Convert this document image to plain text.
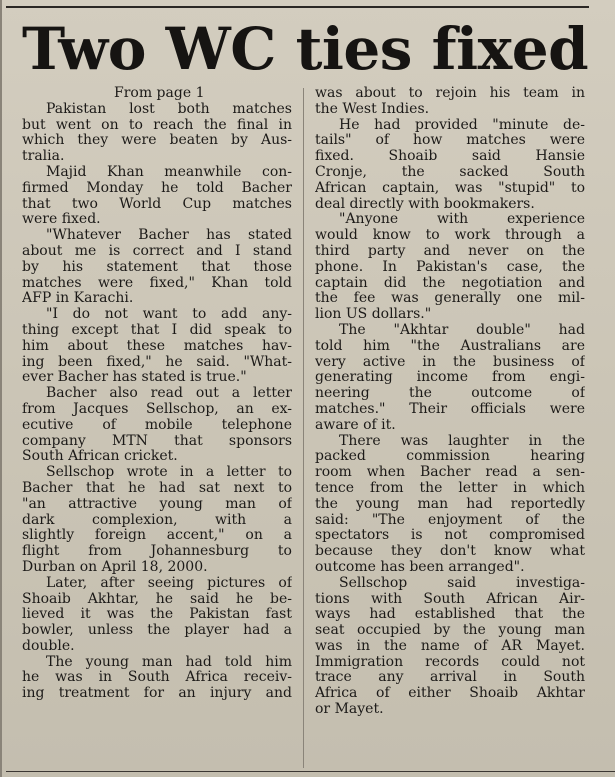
Two WC ties fixed
From page 1
Pakistan lost both matches
but went on to reach the final in
which they were beaten by Aus-
tralia.
Majid Khan meanwhile con-
firmed Monday he told Bacher
that two World Cup matches
were fixed.
"Whatever Bacher has stated
about me is correct and I stand
by his statement that those
matches were fixed," Khan told
AFP in Karachi.
"I do not want to add any-
thing except that I did speak to
him about these matches hav-
ing been fixed," he said. "What-
ever Bacher has stated is true."
Bacher also read out a letter
from Jacques Sellschop, an ex-
ecutive of mobile telephone
company MTN that sponsors
South African cricket.
Sellschop wrote in a letter to
Bacher that he had sat next to
"an attractive young man of
dark complexion, with a
slightly foreign accent," on a
flight from Johannesburg to
Durban on April 18, 2000.
Later, after seeing pictures of
Shoaib Akhtar, he said he be-
lieved it was the Pakistan fast
bowler, unless the player had a
double.
The young man had told him
he was in South Africa receiv-
ing treatment for an injury and
was about to rejoin his team in
the West Indies.
He had provided "minute de-
tails" of how matches were
fixed. Shoaib said Hansie
Cronje, the sacked South
African captain, was "stupid" to
deal directly with bookmakers.
"Anyone with experience
would know to work through a
third party and never on the
phone. In Pakistan's case, the
captain did the negotiation and
the fee was generally one mil-
lion US dollars."
The "Akhtar double" had
told him "the Australians are
very active in the business of
generating income from engi-
neering the outcome of
matches." Their officials were
aware of it.
There was laughter in the
packed commission hearing
room when Bacher read a sen-
tence from the letter in which
the young man had reportedly
said: "The enjoyment of the
spectators is not compromised
because they don't know what
outcome has been arranged".
Sellschop said investiga-
tions with South African Air-
ways had established that the
seat occupied by the young man
was in the name of AR Mayet.
Immigration records could not
trace any arrival in South
Africa of either Shoaib Akhtar
or Mayet.
